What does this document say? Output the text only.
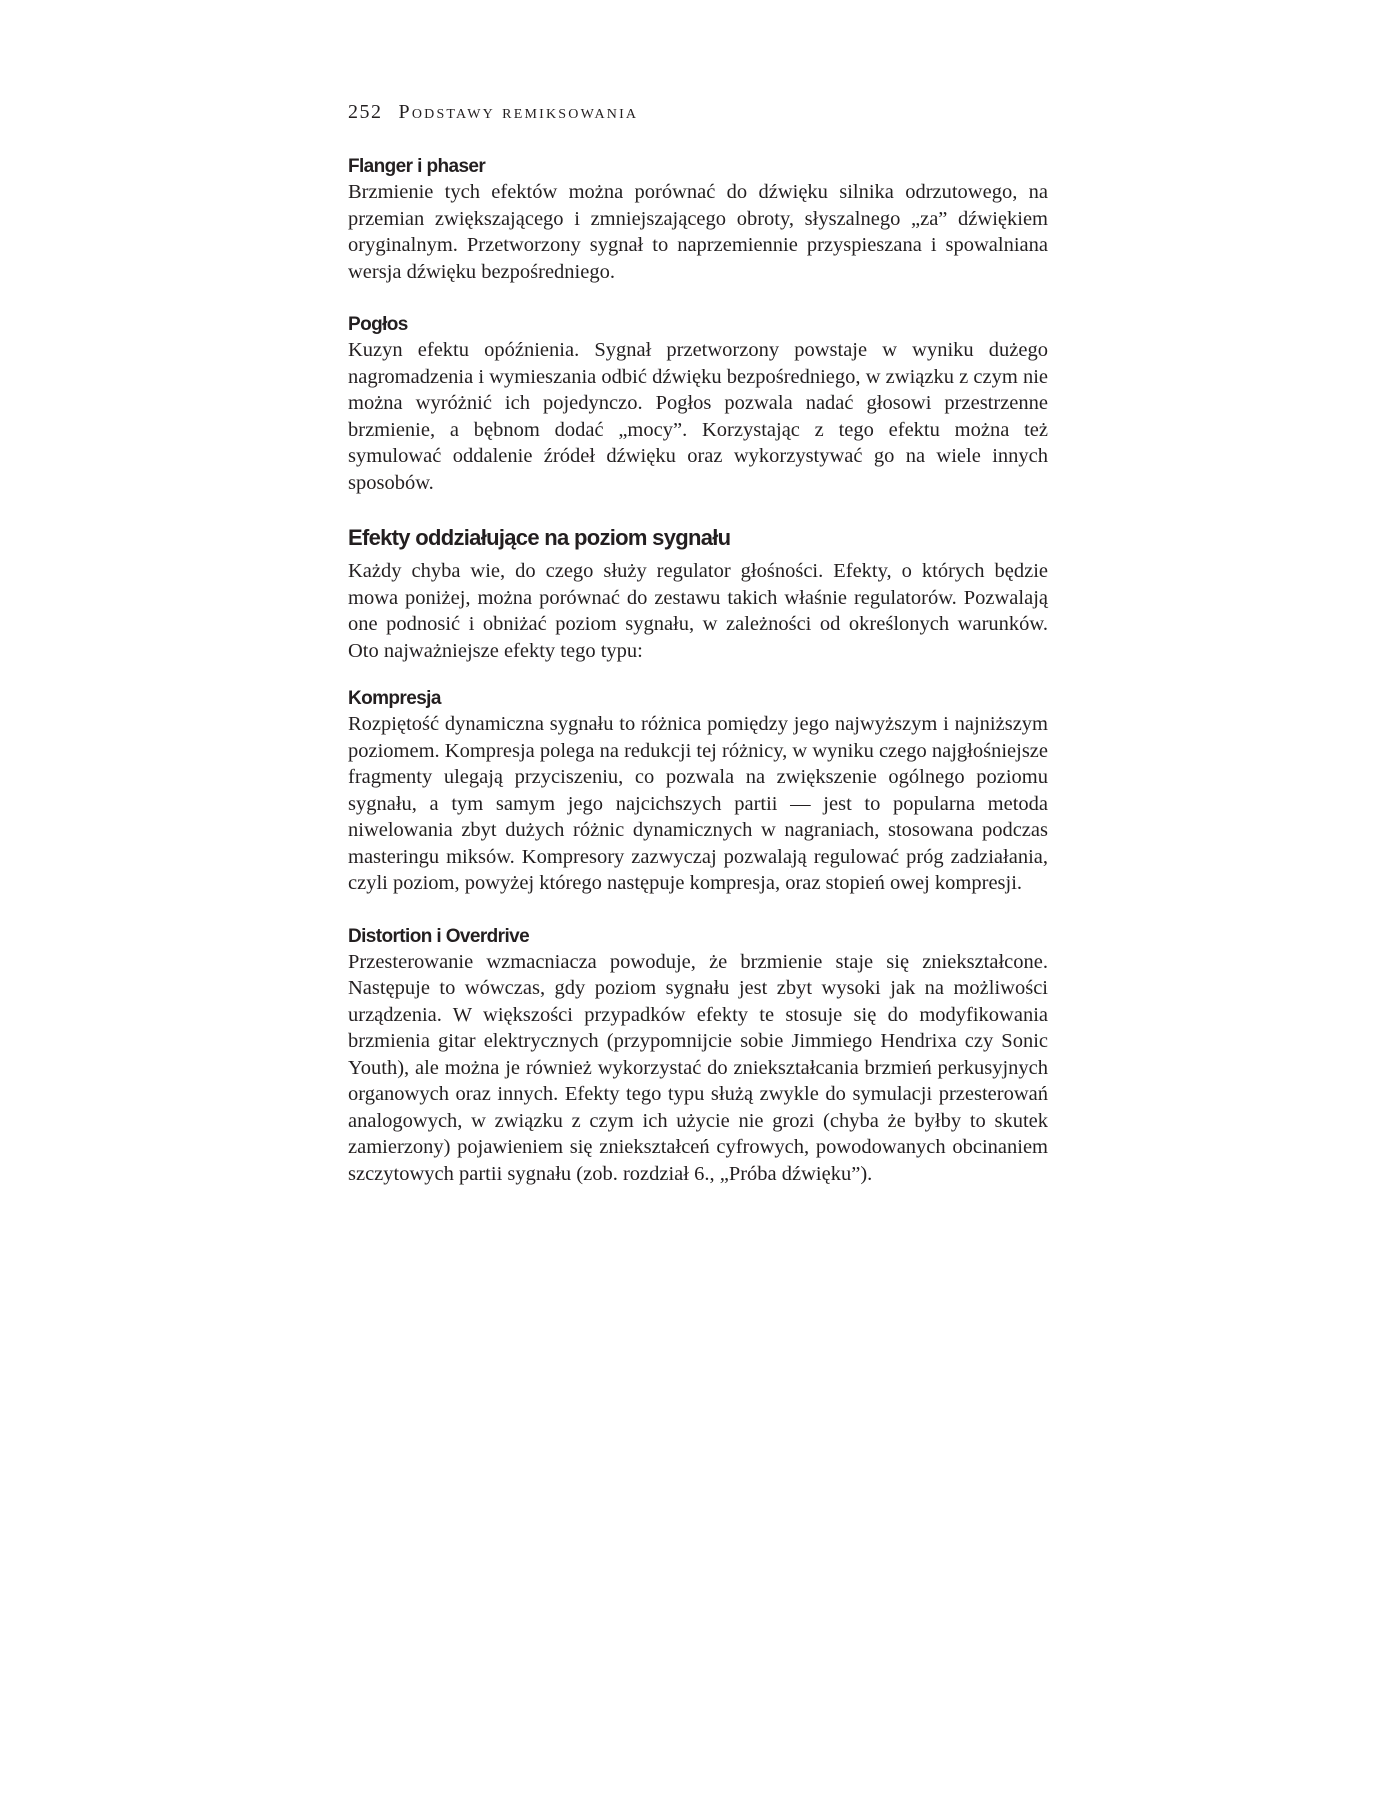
252 Podstawy remiksowania
Flanger i phaser

Brzmienie tych efektów można porównać do dźwięku silnika odrzutowego, na przemian zwiększającego i zmniejszającego obroty, słyszalnego „za” dźwiękiem oryginalnym. Przetworzony sygnał to naprzemiennie przyspieszana i spowalniana wersja dźwięku bezpośredniego.

Pogłos

Kuzyn efektu opóźnienia. Sygnał przetworzony powstaje w wyniku dużego nagromadzenia i wymieszania odbić dźwięku bezpośredniego, w związku z czym nie można wyróżnić ich pojedynczo. Pogłos pozwala nadać głosowi przestrzenne brzmienie, a bębnom dodać „mocy”. Korzystając z tego efektu można też symulować oddalenie źródeł dźwięku oraz wykorzystywać go na wiele innych sposobów.

Efekty oddziałujące na poziom sygnału

Każdy chyba wie, do czego służy regulator głośności. Efekty, o których będzie mowa poniżej, można porównać do zestawu takich właśnie regulatorów. Pozwalają one podnosić i obniżać poziom sygnału, w zależności od określonych warunków. Oto najważniejsze efekty tego typu:

Kompresja

Rozpiętość dynamiczna sygnału to różnica pomiędzy jego najwyższym i najniższym poziomem. Kompresja polega na redukcji tej różnicy, w wyniku czego najgłośniejsze fragmenty ulegają przyciszeniu, co pozwala na zwiększenie ogólnego poziomu sygnału, a tym samym jego najcichszych partii — jest to popularna metoda niwelowania zbyt dużych różnic dynamicznych w nagraniach, stosowana podczas masteringu miksów. Kompresory zazwyczaj pozwalają regulować próg zadziałania, czyli poziom, powyżej którego następuje kompresja, oraz stopień owej kompresji.

Distortion i Overdrive

Przesterowanie wzmacniacza powoduje, że brzmienie staje się zniekształcone. Następuje to wówczas, gdy poziom sygnału jest zbyt wysoki jak na możliwości urządzenia. W większości przypadków efekty te stosuje się do modyfikowania brzmienia gitar elektrycznych (przypomnijcie sobie Jimmiego Hendrixa czy Sonic Youth), ale można je również wykorzystać do zniekształcania brzmień perkusyjnych organowych oraz innych. Efekty tego typu służą zwykle do symulacji przesterowań analogowych, w związku z czym ich użycie nie grozi (chyba że byłby to skutek zamierzony) pojawieniem się zniekształceń cyfrowych, powodowanych obcinaniem szczytowych partii sygnału (zob. rozdział 6., „Próba dźwięku”).
